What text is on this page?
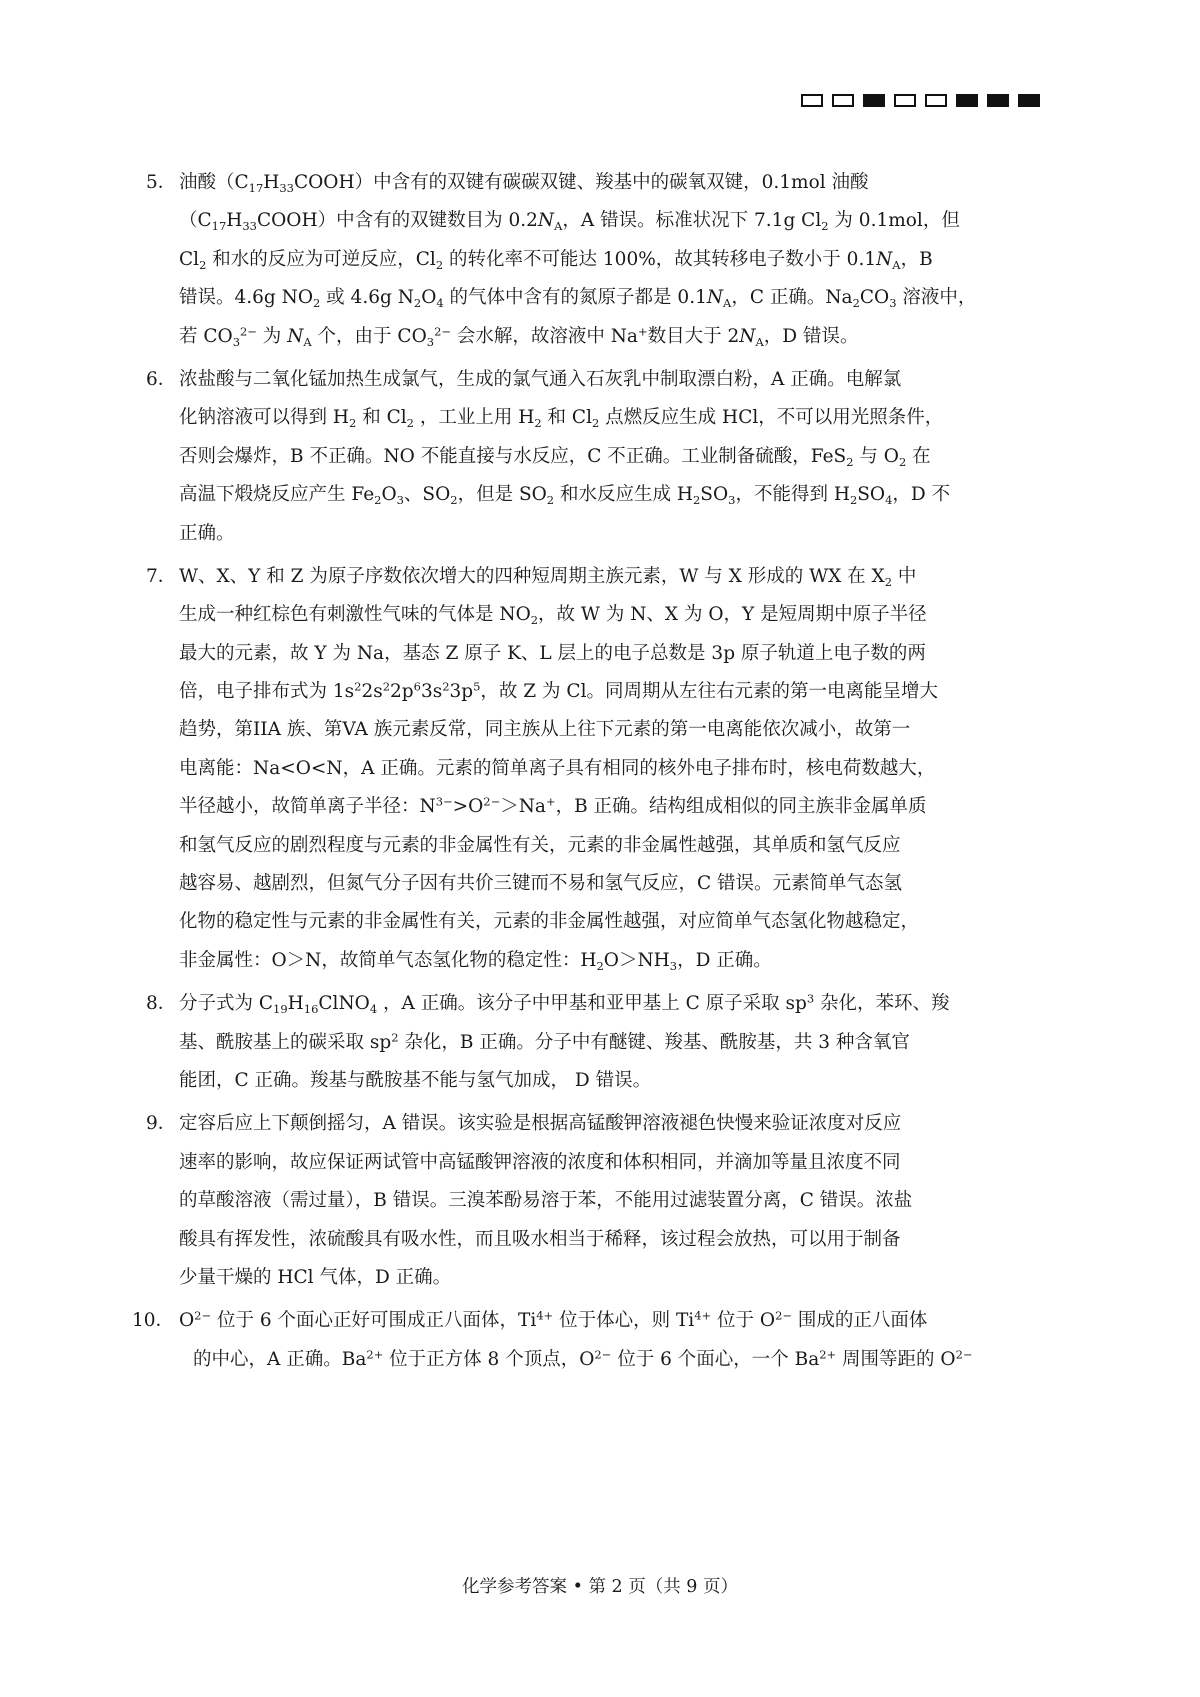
5． 油酸$(C_{17}H_{33}COOH)$中含有的双键有碳碳双键、羧基中的碳氧双键，0.1mol 油酸
$(C_{17}H_{33}COOH)$中含有的双键数目为 $0.2N_A$，A 错误。标准状况下 7.1g $Cl_2$ 为 0.1mol，但
$Cl_2$ 和水的反应为可逆反应，$Cl_2$ 的转化率不可能达 100%，故其转移电子数小于 $0.1N_A$，B
错误。4.6g $NO_2$ 或 4.6g $N_2O_4$ 的气体中含有的氮原子都是 $0.1N_A$，C 正确。$Na_2CO_3$ 溶液中，
若 $CO_3^{2-}$ 为 $N_A$ 个，由于 $CO_3^{2-}$ 会水解，故溶液中 Na+数目大于 $2N_A$，D 错误。
6． 浓盐酸与二氧化锰加热生成氯气，生成的氯气通入石灰乳中制取漂白粉，A 正确。电解氯
化钠溶液可以得到 $H_2$ 和 $Cl_2$ ，工业上用 $H_2$ 和 $Cl_2$ 点燃反应生成 HCl，不可以用光照条件，
否则会爆炸，B 不正确。NO 不能直接与水反应，C 不正确。工业制备硫酸，FeS$_2$ 与 $O_2$ 在
高温下煅烧反应产生 $Fe_2O_3$、$SO_2$，但是 $SO_2$ 和水反应生成 $H_2SO_3$，不能得到 $H_2SO_4$，D 不
正确。
7． W、X、Y 和 Z 为原子序数依次增大的四种短周期主族元素，W 与 X 形成的 WX 在 $X_2$ 中
生成一种红棕色有刺激性气味的气体是 $NO_2$，故 W 为 N、X 为 O，Y 是短周期中原子半径
最大的元素，故 Y 为 Na，基态 Z 原子 K、L 层上的电子总数是 3p 原子轨道上电子数的两
倍，电子排布式为 $1s^22s^22p^63s^23p^5$，故 Z 为 Cl。同周期从左往右元素的第一电离能呈增大
趋势，第IIA 族、第VA 族元素反常，同主族从上往下元素的第一电离能依次减小，故第一
电离能：Na<O<N，A 正确。元素的简单离子具有相同的核外电子排布时，核电荷数越大，
半径越小，故简单离子半径：$N^{3-}>O^{2-}>Na^+$，B 正确。结构组成相似的同主族非金属单质
和氢气反应的剧烈程度与元素的非金属性有关，元素的非金属性越强，其单质和氢气反应
越容易、越剧烈，但氮气分子因有共价三键而不易和氢气反应，C 错误。元素简单气态氢
化物的稳定性与元素的非金属性有关，元素的非金属性越强，对应简单气态氢化物越稳定，
非金属性：O＞N，故简单气态氢化物的稳定性：$H_2O>NH_3$，D 正确。
8． 分子式为 $C_{19}H_{16}ClNO_4$ ，A 正确。该分子中甲基和亚甲基上 C 原子采取 $sp^3$ 杂化，苯环、羧
基、酰胺基上的碳采取 $sp^2$ 杂化，B 正确。分子中有醚键、羧基、酰胺基，共 3 种含氧官
能团，C 正确。羧基与酰胺基不能与氢气加成， D 错误。
9． 定容后应上下颠倒摇匀，A 错误。该实验是根据高锰酸钾溶液褪色快慢来验证浓度对反应
速率的影响，故应保证两试管中高锰酸钾溶液的浓度和体积相同，并滴加等量且浓度不同
的草酸溶液（需过量），B 错误。三溴苯酚易溶于苯，不能用过滤装置分离，C 错误。浓盐
酸具有挥发性，浓硫酸具有吸水性，而且吸水相当于稀释，该过程会放热，可以用于制备
少量干燥的 HCl 气体，D 正确。
10． $O^{2-}$ 位于 6 个面心正好可围成正八面体，$Ti^{4+}$ 位于体心，则 $Ti^{4+}$ 位于 $O^{2-}$ 围成的正八面体
的中心，A 正确。$Ba^{2+}$ 位于正方体 8 个顶点，$O^{2-}$ 位于 6 个面心，一个 $Ba^{2+}$ 周围等距的 $O^{2-}$
化学参考答案 • 第 2 页（共 9 页）
